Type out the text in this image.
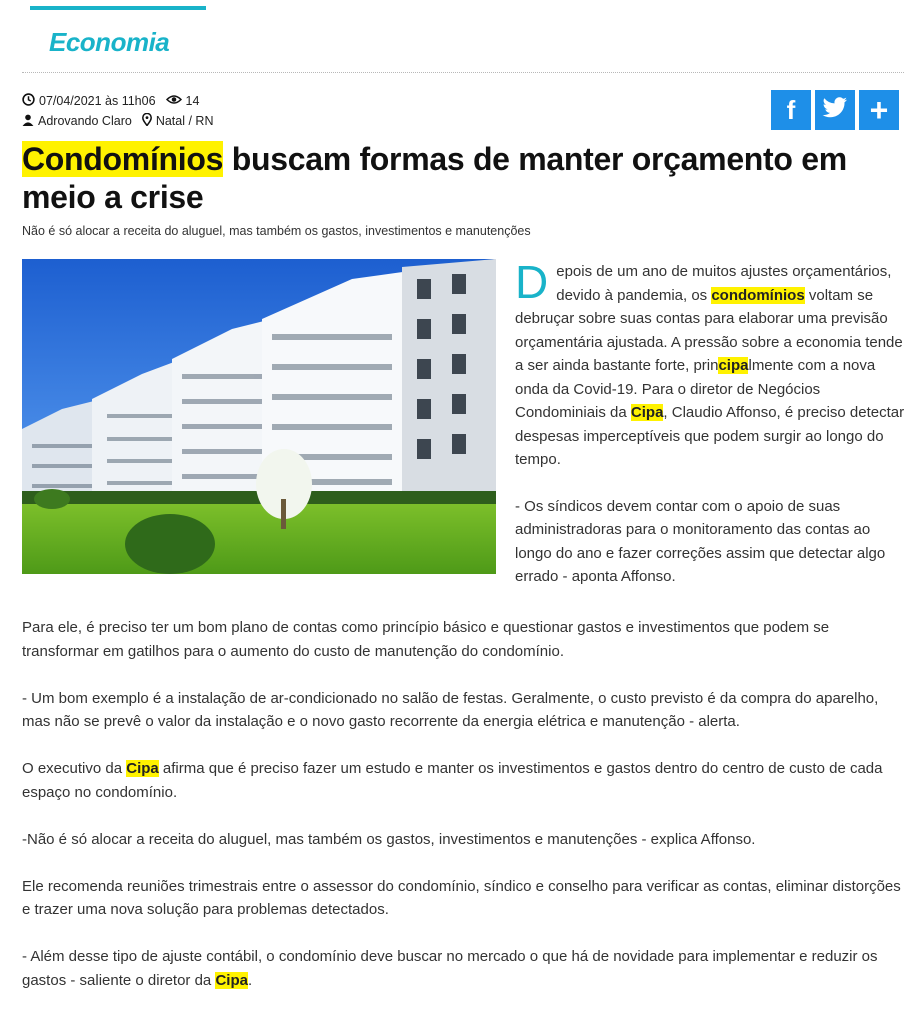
Economia
07/04/2021 às 11h06 14
Adrovando Claro Natal / RN	f +
Condomínios buscam formas de manter orçamento em meio a crise
Não é só alocar a receita do aluguel, mas também os gastos, investimentos e manutenções

Depois de um ano de muitos ajustes orçamentários, devido à pandemia, os condomínios voltam se debruçar sobre suas contas para elaborar uma previsão orçamentária ajustada. A pressão sobre a economia tende a ser ainda bastante forte, principalmente com a nova onda da Covid-19. Para o diretor de Negócios Condominiais da Cipa, Claudio Affonso, é preciso detectar despesas imperceptíveis que podem surgir ao longo do tempo.

- Os síndicos devem contar com o apoio de suas administradoras para o monitoramento das contas ao longo do ano e fazer correções assim que detectar algo errado - aponta Affonso.

Para ele, é preciso ter um bom plano de contas como princípio básico e questionar gastos e investimentos que podem se transformar em gatilhos para o aumento do custo de manutenção do condomínio.

- Um bom exemplo é a instalação de ar-condicionado no salão de festas. Geralmente, o custo previsto é da compra do aparelho, mas não se prevê o valor da instalação e o novo gasto recorrente da energia elétrica e manutenção - alerta.

O executivo da Cipa afirma que é preciso fazer um estudo e manter os investimentos e gastos dentro do centro de custo de cada espaço no condomínio.

-Não é só alocar a receita do aluguel, mas também os gastos, investimentos e manutenções - explica Affonso.

Ele recomenda reuniões trimestrais entre o assessor do condomínio, síndico e conselho para verificar as contas, eliminar distorções e trazer uma nova solução para problemas detectados.

- Além desse tipo de ajuste contábil, o condomínio deve buscar no mercado o que há de novidade para implementar e reduzir os gastos - saliente o diretor da Cipa.
